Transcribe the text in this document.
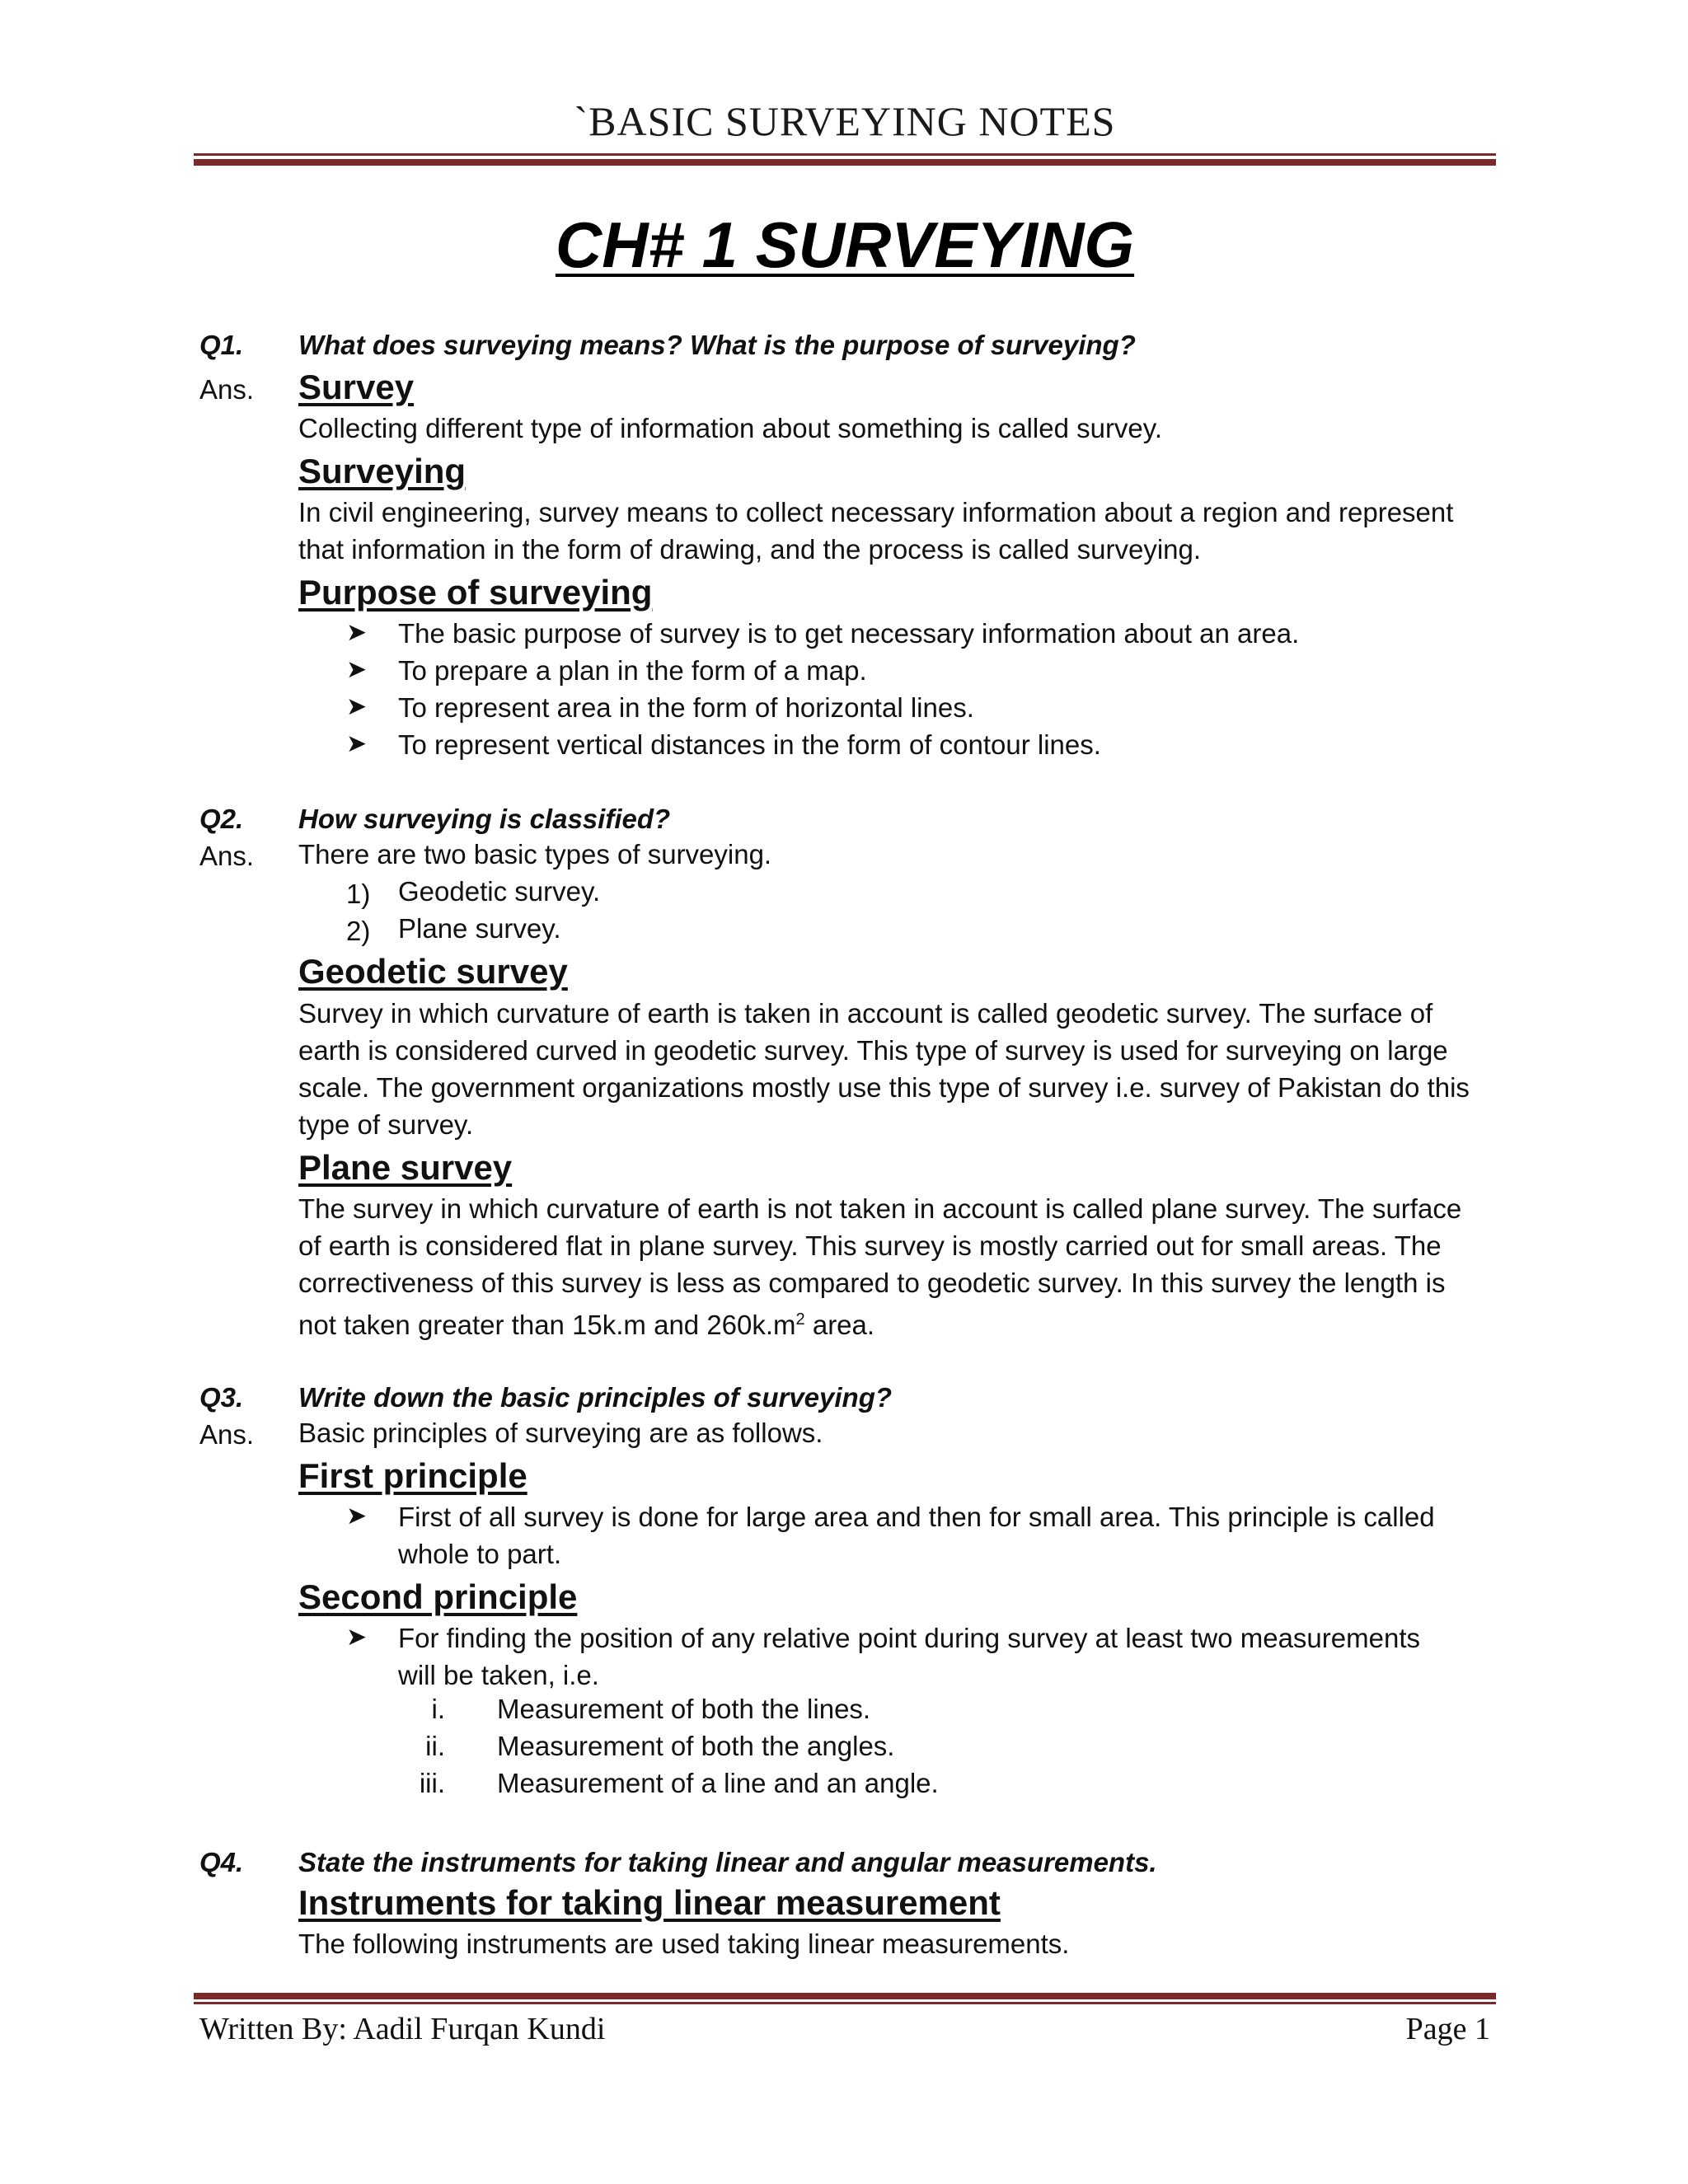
`BASIC SURVEYING NOTES
CH# 1 SURVEYING
Q1. What does surveying means? What is the purpose of surveying?
Ans. Survey
Collecting different type of information about something is called survey.
Surveying
In civil engineering, survey means to collect necessary information about a region and represent
that information in the form of drawing, and the process is called surveying.
Purpose of surveying
➤ The basic purpose of survey is to get necessary information about an area.
➤ To prepare a plan in the form of a map.
➤ To represent area in the form of horizontal lines.
➤ To represent vertical distances in the form of contour lines.
Q2. How surveying is classified?
Ans. There are two basic types of surveying.
1) Geodetic survey.
2) Plane survey.
Geodetic survey
Survey in which curvature of earth is taken in account is called geodetic survey. The surface of
earth is considered curved in geodetic survey. This type of survey is used for surveying on large
scale. The government organizations mostly use this type of survey i.e. survey of Pakistan do this
type of survey.
Plane survey
The survey in which curvature of earth is not taken in account is called plane survey. The surface
of earth is considered flat in plane survey. This survey is mostly carried out for small areas. The
correctiveness of this survey is less as compared to geodetic survey. In this survey the length is
not taken greater than 15k.m and $260k.m^2$ area.
Q3. Write down the basic principles of surveying?
Ans. Basic principles of surveying are as follows.
First principle
➤ First of all survey is done for large area and then for small area. This principle is called
whole to part.
Second principle
➤ For finding the position of any relative point during survey at least two measurements
will be taken, i.e.
i. Measurement of both the lines.
ii. Measurement of both the angles.
iii. Measurement of a line and an angle.
Q4. State the instruments for taking linear and angular measurements.
Instruments for taking linear measurement
The following instruments are used taking linear measurements.
Written By: Aadil Furqan Kundi	Page 1
